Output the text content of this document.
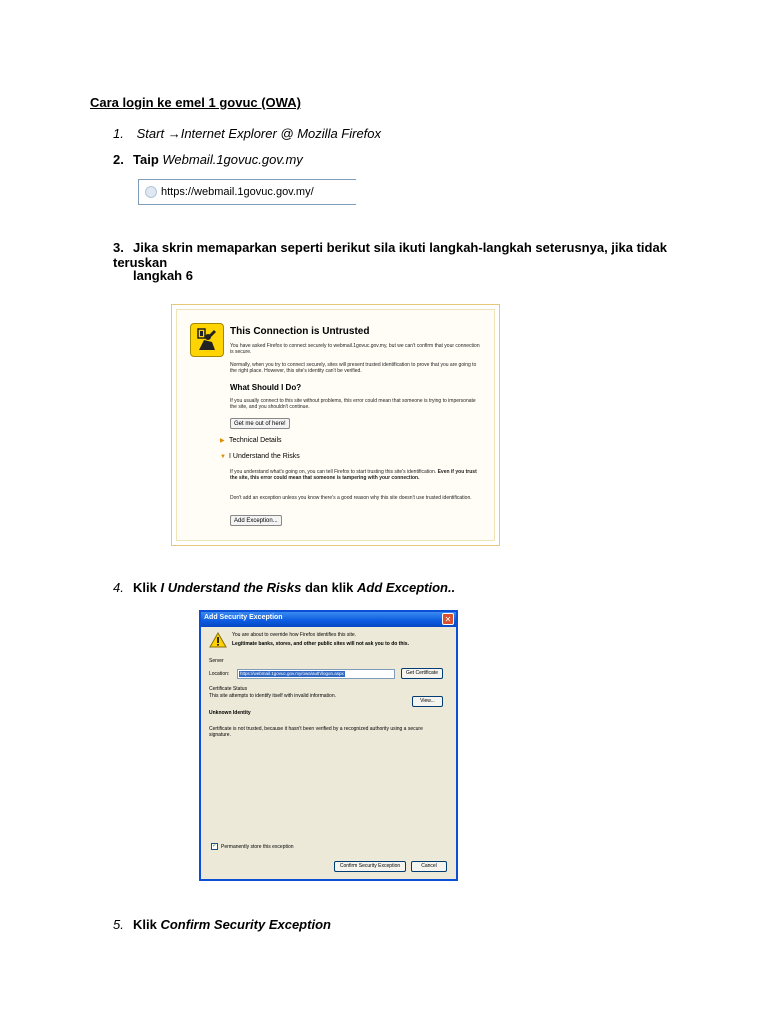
Cara login ke emel 1 govuc (OWA)
1. Start →Internet Explorer @ Mozilla Firefox
2. Taip Webmail.1govuc.gov.my
https://webmail.1govuc.gov.my/
3. Jika skrin memaparkan seperti berikut sila ikuti langkah-langkah seterusnya, jika tidak teruskan
langkah 6
This Connection is Untrusted
You have asked Firefox to connect securely to webmail.1govuc.gov.my, but we can't confirm that your connection is secure.
Normally, when you try to connect securely, sites will present trusted identification to prove that you are going to the right place. However, this site's identity can't be verified.
What Should I Do?
If you usually connect to this site without problems, this error could mean that someone is trying to impersonate the site, and you shouldn't continue.
Get me out of here!
▶ Technical Details
▼ I Understand the Risks
If you understand what's going on, you can tell Firefox to start trusting this site's identification. Even if you trust the site, this error could mean that someone is tampering with your connection.
Don't add an exception unless you know there's a good reason why this site doesn't use trusted identification.
Add Exception...
4. Klik I Understand the Risks dan klik Add Exception..
Add Security Exception	✕
You are about to override how Firefox identifies this site.
Legitimate banks, stores, and other public sites will not ask you to do this.
Server
Location: https://webmail.1govuc.gov.my/owa/auth/logon.aspx	Get Certificate
Certificate Status
This site attempts to identify itself with invalid information.
View...
Unknown Identity
Certificate is not trusted, because it hasn't been verified by a recognized authority using a secure signature.
✓ Permanently store this exception
Confirm Security Exception	Cancel
5. Klik Confirm Security Exception
